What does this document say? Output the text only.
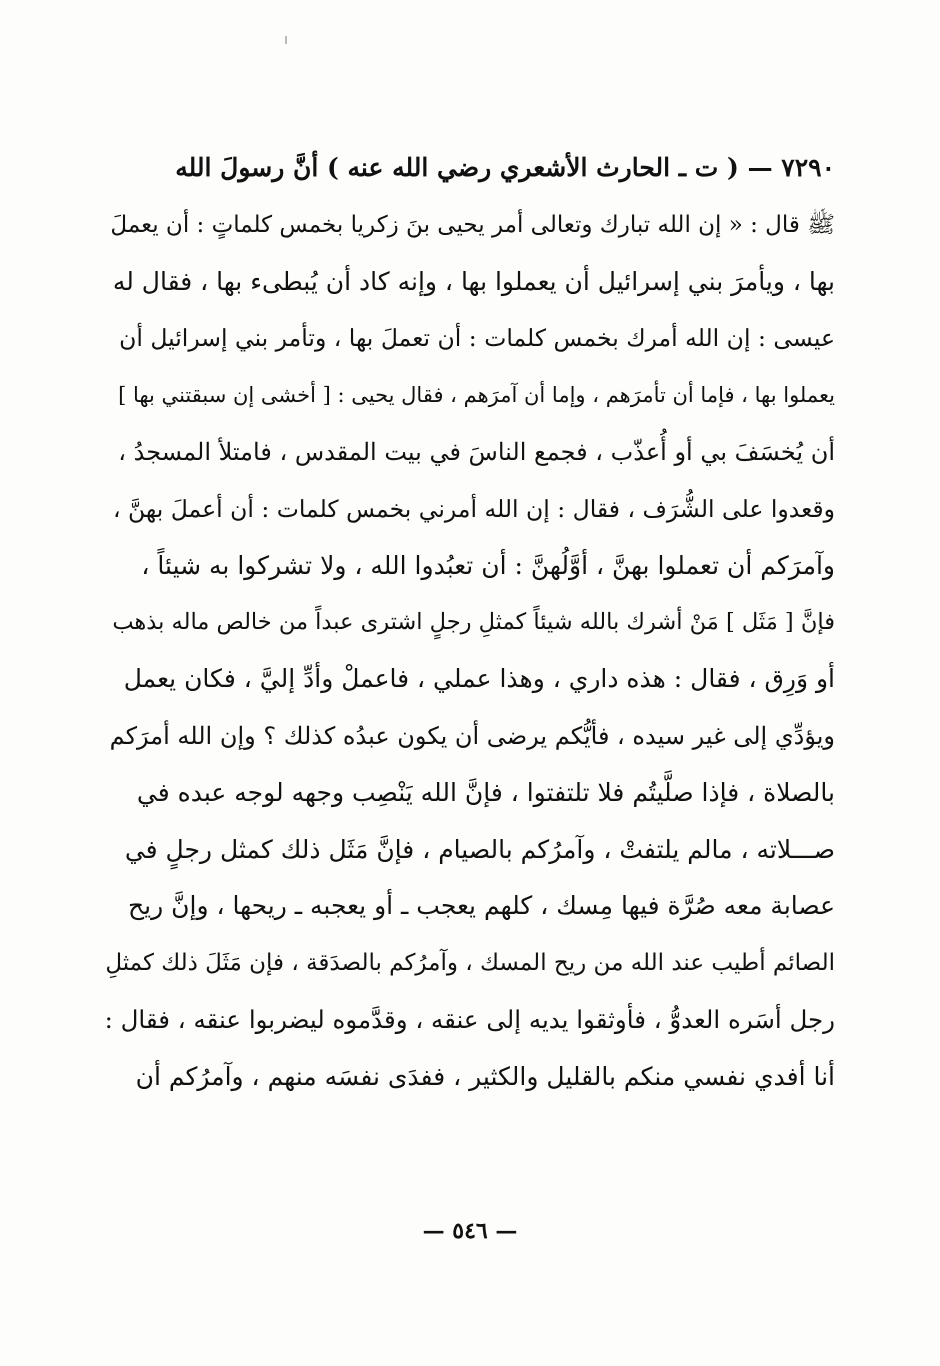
٧٢٩٠ — ( ت ـ الحارث الأشعري رضي الله عنه ) أنَّ رسولَ الله
ﷺ قال : « إن الله تبارك وتعالى أمر يحيى بنَ زكريا بخمس كلماتٍ : أن يعملَ
بها ، ويأمرَ بني إسرائيل أن يعملوا بها ، وإنه كاد أن يُبطىء بها ، فقال له
عيسى : إن الله أمرك بخمس كلمات : أن تعملَ بها ، وتأمر بني إسرائيل أن
يعملوا بها ، فإما أن تأمرَهم ، وإما أن آمرَهم ، فقال يحيى : [ أخشى إن سبقتني بها ]
أن يُخسَفَ بي أو أُعذّب ، فجمع الناسَ في بيت المقدس ، فامتلأ المسجدُ ،
وقعدوا على الشُّرَف ، فقال : إن الله أمرني بخمس كلمات : أن أعملَ بهنَّ ،
وآمرَكم أن تعملوا بهنَّ ، أوَّلُهنَّ : أن تعبُدوا الله ، ولا تشركوا به شيئاً ،
فإنَّ [ مَثَل ] مَنْ أشرك بالله شيئاً كمثلِ رجلٍ اشترى عبداً من خالص ماله بذهب
أو وَرِق ، فقال : هذه داري ، وهذا عملي ، فاعملْ وأدِّ إليَّ ، فكان يعمل
ويؤدِّي إلى غير سيده ، فأيُّكم يرضى أن يكون عبدُه كذلك ؟ وإن الله أمرَكم
بالصلاة ، فإذا صلَّيتُم فلا تلتفتوا ، فإنَّ الله يَنْصِب وجهه لوجه عبده في
صـــلاته ، مالم يلتفتْ ، وآمرُكم بالصيام ، فإنَّ مَثَل ذلك كمثل رجلٍ في
عصابة معه صُرَّة فيها مِسك ، كلهم يعجب ـ أو يعجبه ـ ريحها ، وإنَّ ريح
الصائم أطيب عند الله من ريح المسك ، وآمرُكم بالصدَقة ، فإن مَثَلَ ذلك كمثلِ
رجل أسَره العدوُّ ، فأوثقوا يديه إلى عنقه ، وقدَّموه ليضربوا عنقه ، فقال :
أنا أفدي نفسي منكم بالقليل والكثير ، ففدَى نفسَه منهم ، وآمرُكم أن
— ٥٤٦ —
